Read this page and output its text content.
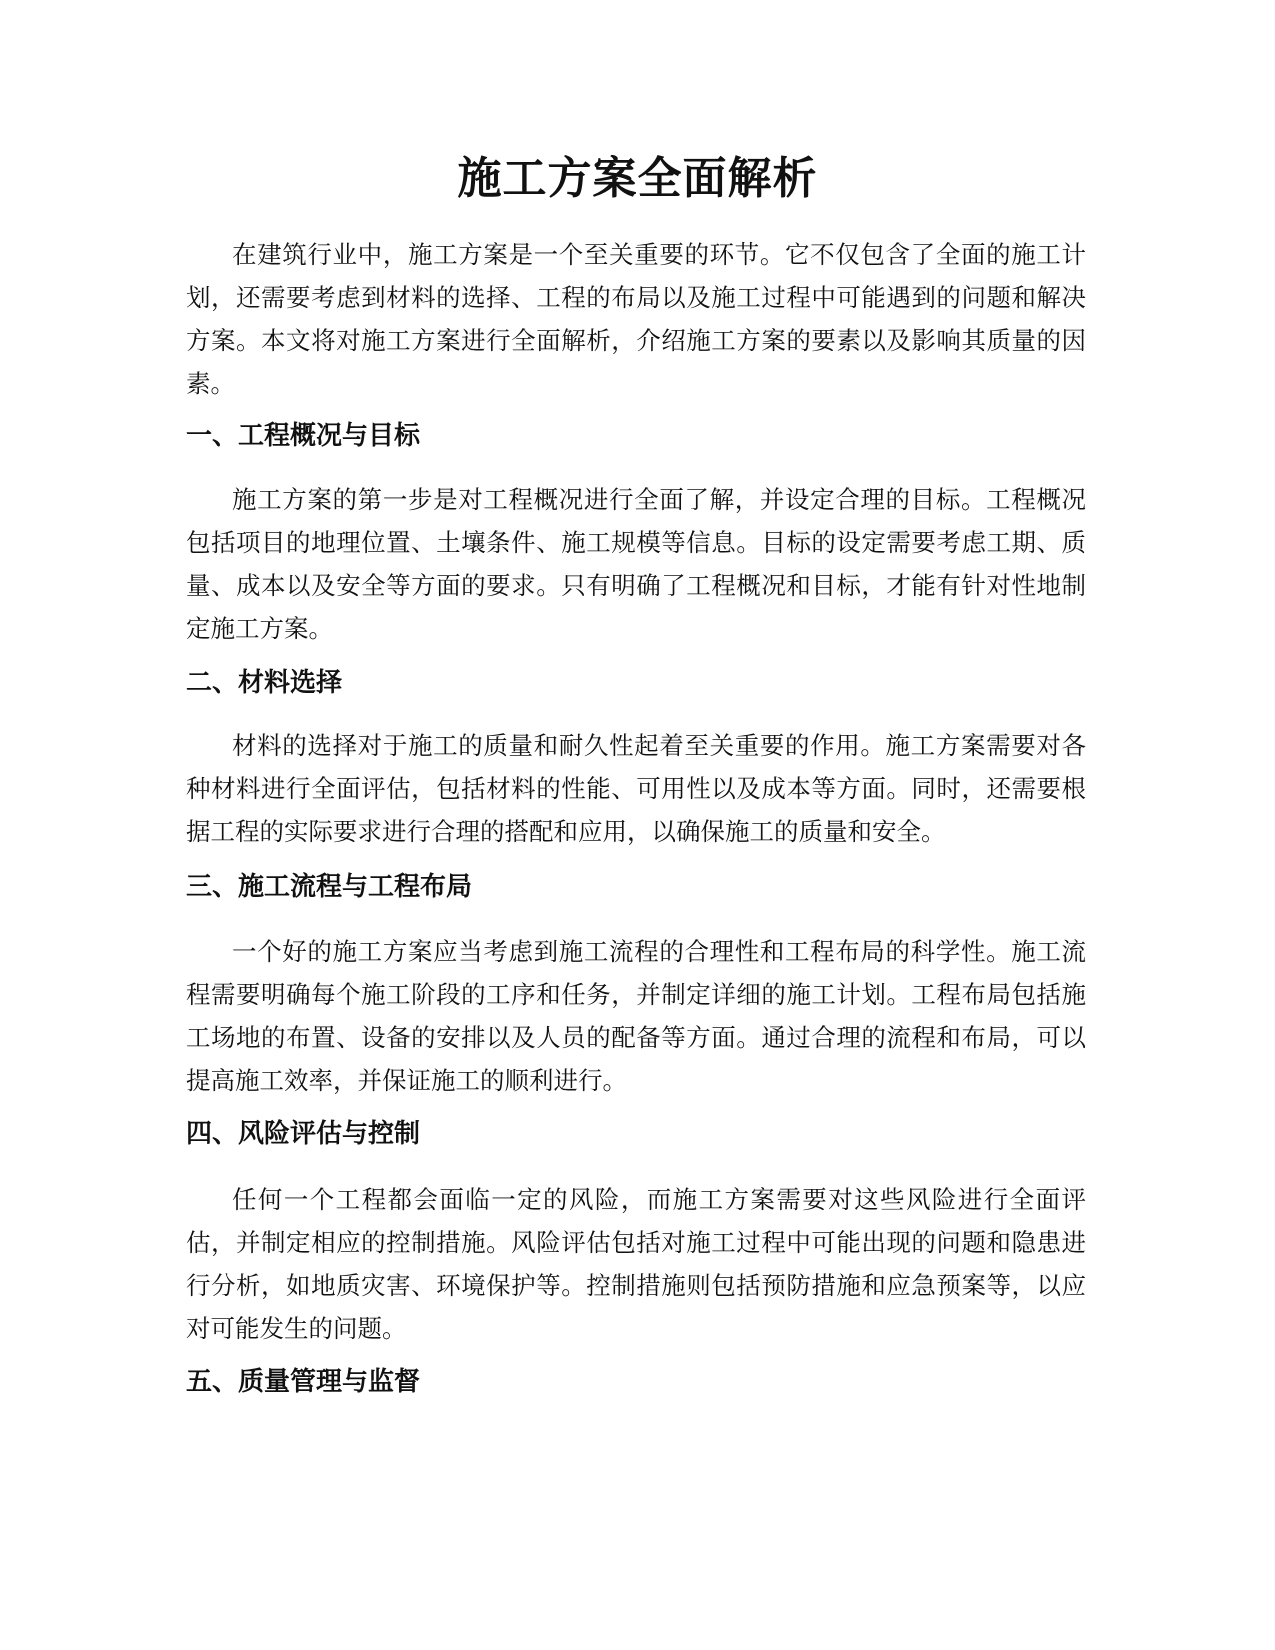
施工方案全面解析

在建筑行业中，施工方案是一个至关重要的环节。它不仅包含了全面的施工计划，还需要考虑到材料的选择、工程的布局以及施工过程中可能遇到的问题和解决方案。本文将对施工方案进行全面解析，介绍施工方案的要素以及影响其质量的因素。

一、工程概况与目标

施工方案的第一步是对工程概况进行全面了解，并设定合理的目标。工程概况包括项目的地理位置、土壤条件、施工规模等信息。目标的设定需要考虑工期、质量、成本以及安全等方面的要求。只有明确了工程概况和目标，才能有针对性地制定施工方案。

二、材料选择

材料的选择对于施工的质量和耐久性起着至关重要的作用。施工方案需要对各种材料进行全面评估，包括材料的性能、可用性以及成本等方面。同时，还需要根据工程的实际要求进行合理的搭配和应用，以确保施工的质量和安全。

三、施工流程与工程布局

一个好的施工方案应当考虑到施工流程的合理性和工程布局的科学性。施工流程需要明确每个施工阶段的工序和任务，并制定详细的施工计划。工程布局包括施工场地的布置、设备的安排以及人员的配备等方面。通过合理的流程和布局，可以提高施工效率，并保证施工的顺利进行。

四、风险评估与控制

任何一个工程都会面临一定的风险，而施工方案需要对这些风险进行全面评估，并制定相应的控制措施。风险评估包括对施工过程中可能出现的问题和隐患进行分析，如地质灾害、环境保护等。控制措施则包括预防措施和应急预案等，以应对可能发生的问题。

五、质量管理与监督
